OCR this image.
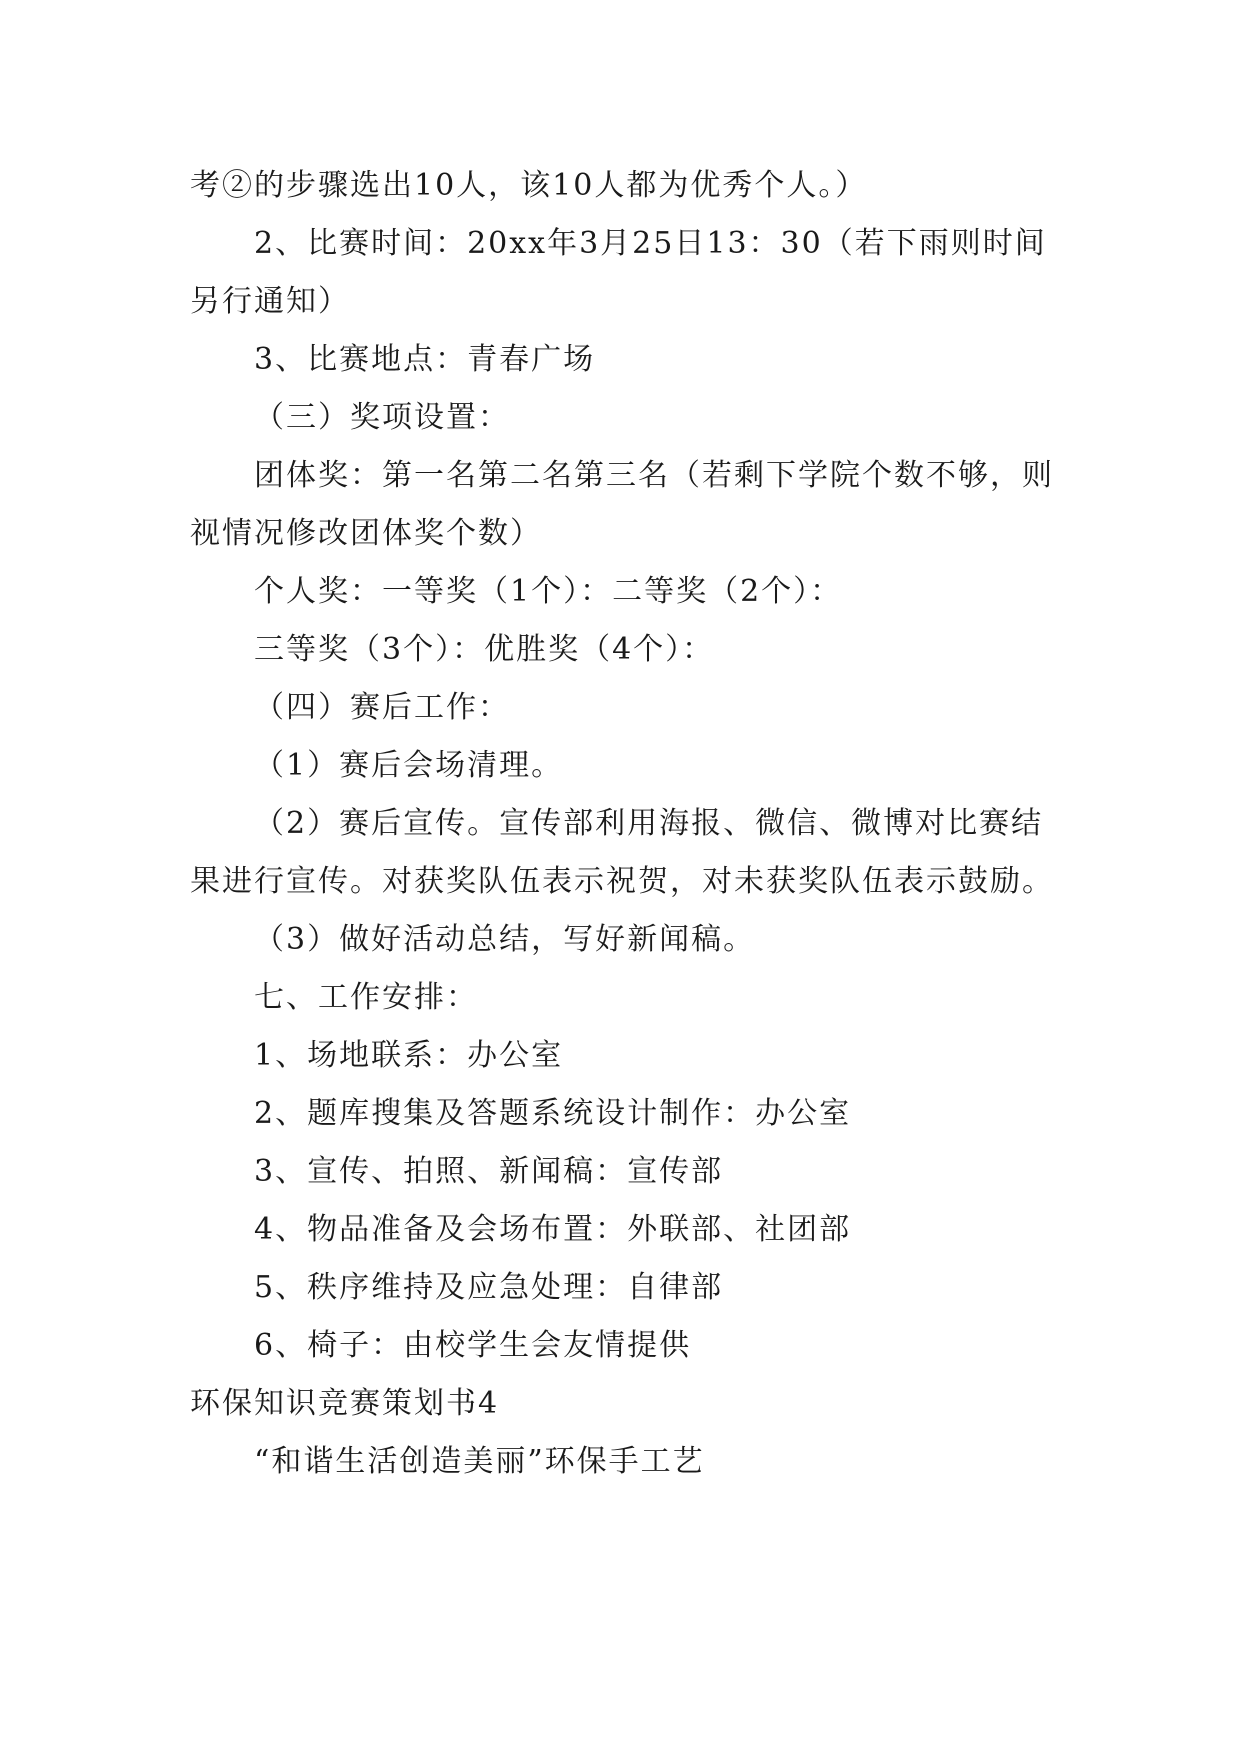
考②的步骤选出10人，该10人都为优秀个人。）

2、比赛时间：20xx年3月25日13：30（若下雨则时间另行通知）

3、比赛地点：青春广场

（三）奖项设置：

团体奖：第一名第二名第三名（若剩下学院个数不够，则视情况修改团体奖个数）

个人奖：一等奖（1个）：二等奖（2个）：

三等奖（3个）：优胜奖（4个）：

（四）赛后工作：

（1）赛后会场清理。

（2）赛后宣传。宣传部利用海报、微信、微博对比赛结果进行宣传。对获奖队伍表示祝贺，对未获奖队伍表示鼓励。

（3）做好活动总结，写好新闻稿。

七、工作安排：

1、场地联系：办公室

2、题库搜集及答题系统设计制作：办公室

3、宣传、拍照、新闻稿：宣传部

4、物品准备及会场布置：外联部、社团部

5、秩序维持及应急处理：自律部

6、椅子：由校学生会友情提供

环保知识竞赛策划书4

“和谐生活创造美丽”环保手工艺
